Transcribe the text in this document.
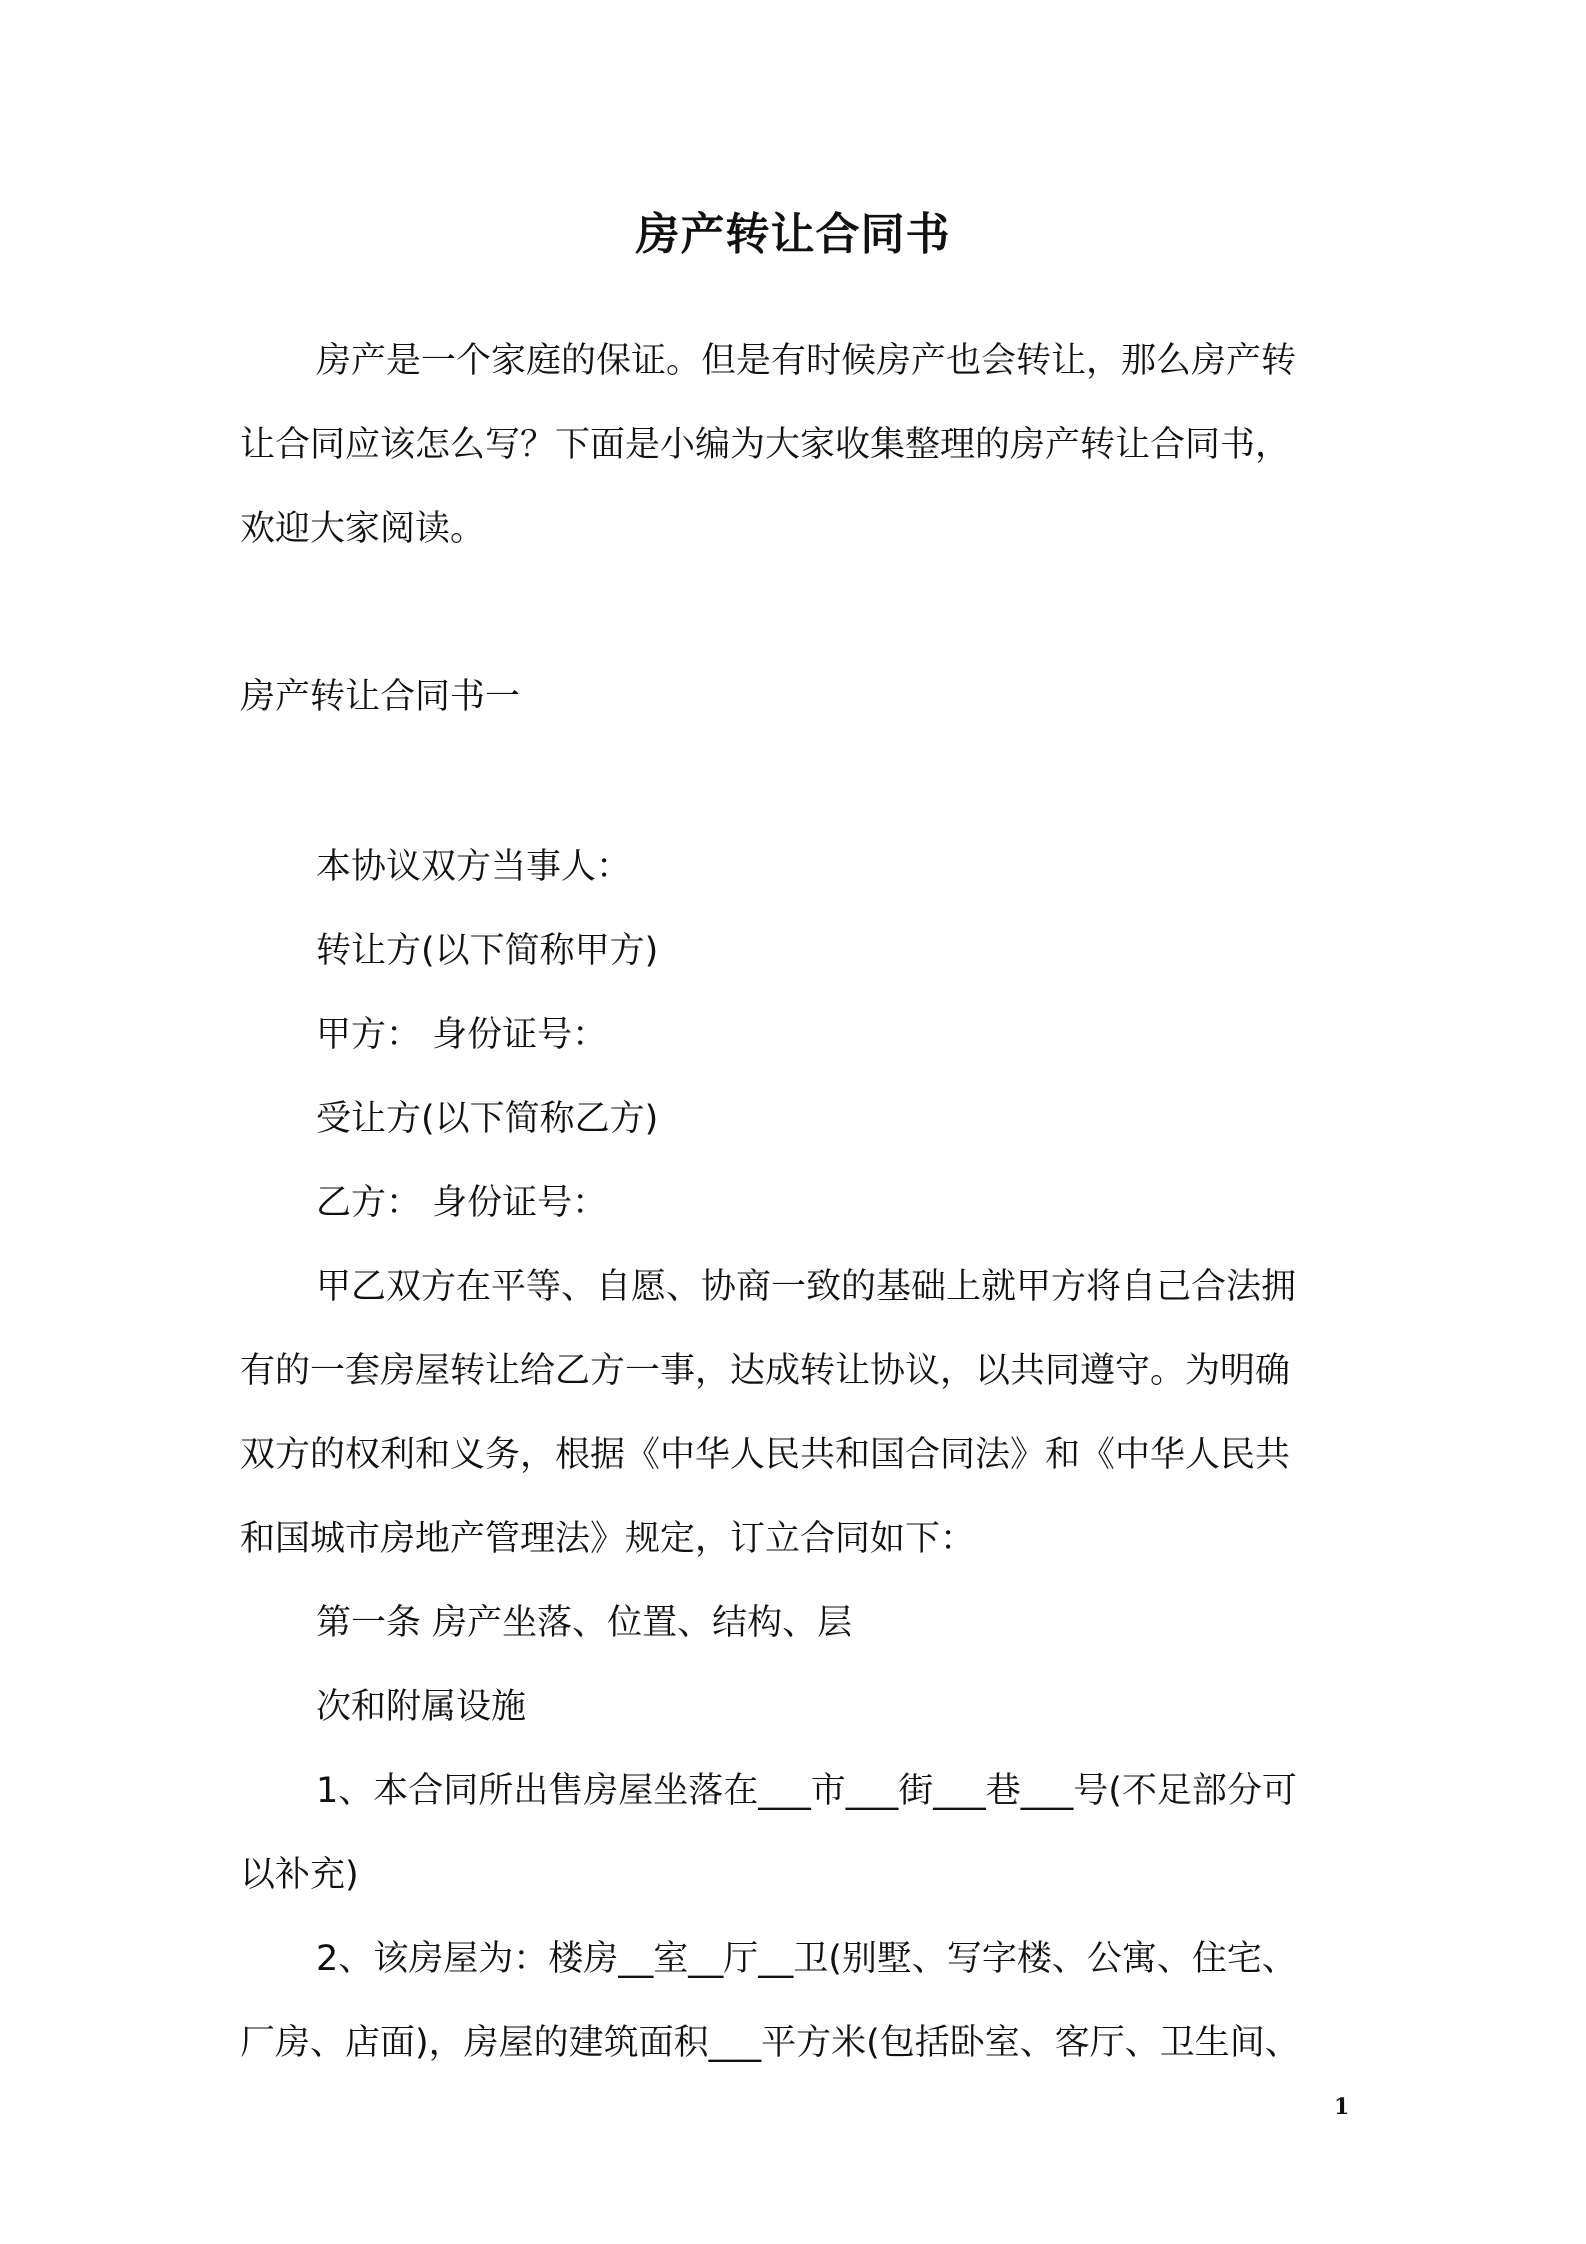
房产转让合同书
房产是一个家庭的保证。但是有时候房产也会转让，那么房产转
让合同应该怎么写？下面是小编为大家收集整理的房产转让合同书，
欢迎大家阅读。
房产转让合同书一
本协议双方当事人：
转让方(以下简称甲方)
甲方： 身份证号：
受让方(以下简称乙方)
乙方： 身份证号：
甲乙双方在平等、自愿、协商一致的基础上就甲方将自己合法拥
有的一套房屋转让给乙方一事，达成转让协议，以共同遵守。为明确
双方的权利和义务，根据《中华人民共和国合同法》和《中华人民共
和国城市房地产管理法》规定，订立合同如下：
第一条 房产坐落、位置、结构、层
次和附属设施
1、本合同所出售房屋坐落在___市___街___巷___号(不足部分可
以补充)
2、该房屋为：楼房__室__厅__卫(别墅、写字楼、公寓、住宅、
厂房、店面)，房屋的建筑面积___平方米(包括卧室、客厅、卫生间、
1
